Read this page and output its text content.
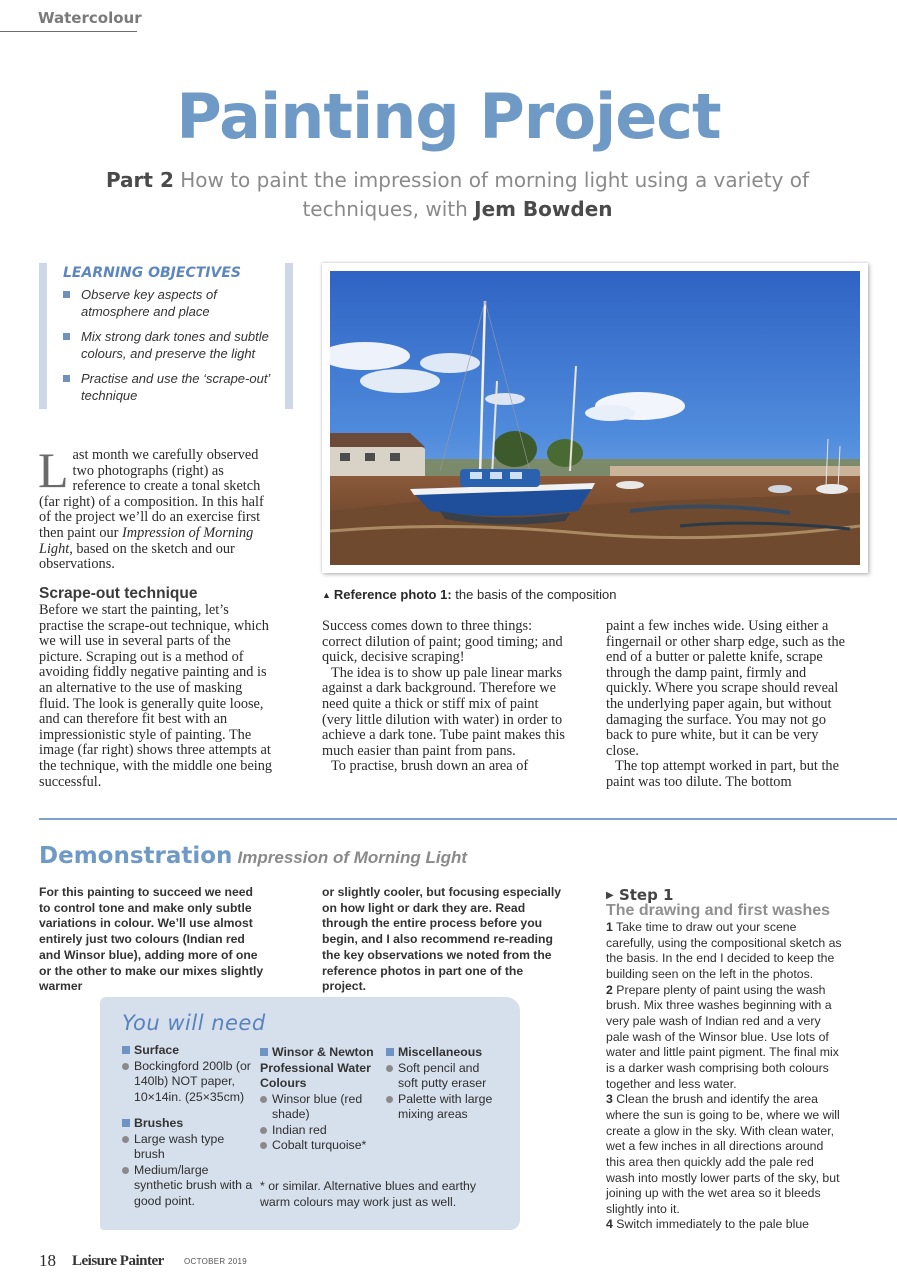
Watercolour
Painting Project
Part 2 How to paint the impression of morning light using a variety of techniques, with Jem Bowden
LEARNING OBJECTIVES
Observe key aspects of atmosphere and place
Mix strong dark tones and subtle colours, and preserve the light
Practise and use the ‘scrape-out’ technique

Last month we carefully observed two photographs (right) as reference to create a tonal sketch (far right) of a composition. In this half of the project we’ll do an exercise first then paint our Impression of Morning Light, based on the sketch and our observations.

Scrape-out technique

Before we start the painting, let’s practise the scrape-out technique, which we will use in several parts of the picture. Scraping out is a method of avoiding fiddly negative painting and is an alternative to the use of masking fluid. The look is generally quite loose, and can therefore fit best with an impressionistic style of painting. The image (far right) shows three attempts at the technique, with the middle one being successful.

▲ Reference photo 1: the basis of the composition

Success comes down to three things: correct dilution of paint; good timing; and quick, decisive scraping!

The idea is to show up pale linear marks against a dark background. Therefore we need quite a thick or stiff mix of paint (very little dilution with water) in order to achieve a dark tone. Tube paint makes this much easier than paint from pans.

To practise, brush down an area of

paint a few inches wide. Using either a fingernail or other sharp edge, such as the end of a butter or palette knife, scrape through the damp paint, firmly and quickly. Where you scrape should reveal the underlying paper again, but without damaging the surface. You may not go back to pure white, but it can be very close.

The top attempt worked in part, but the paint was too dilute. The bottom

Demonstration Impression of Morning Light

For this painting to succeed we need to control tone and make only subtle variations in colour. We’ll use almost entirely just two colours (Indian red and Winsor blue), adding more of one or the other to make our mixes slightly warmer

or slightly cooler, but focusing especially on how light or dark they are. Read through the entire process before you begin, and I also recommend re-reading the key observations we noted from the reference photos in part one of the project.

▶ Step 1
The drawing and first washes

1 Take time to draw out your scene carefully, using the compositional sketch as the basis. In the end I decided to keep the building seen on the left in the photos.

2 Prepare plenty of paint using the wash brush. Mix three washes beginning with a very pale wash of Indian red and a very pale wash of the Winsor blue. Use lots of water and little paint pigment. The final mix is a darker wash comprising both colours together and less water.

3 Clean the brush and identify the area where the sun is going to be, where we will create a glow in the sky. With clean water, wet a few inches in all directions around this area then quickly add the pale red wash into mostly lower parts of the sky, but joining up with the wet area so it bleeds slightly into it.

4 Switch immediately to the pale blue

You will need
Surface
Bockingford 200lb (or 140lb) NOT paper, 10×14in. (25×35cm)
Brushes
Large wash type brush
Medium/large synthetic brush with a good point.
Winsor & Newton Professional Water Colours
Winsor blue (red shade)
Indian red
Cobalt turquoise*
Miscellaneous
Soft pencil and soft putty eraser
Palette with large mixing areas
* or similar. Alternative blues and earthy warm colours may work just as well.
18 Leisure Painter	OCTOBER 2019
